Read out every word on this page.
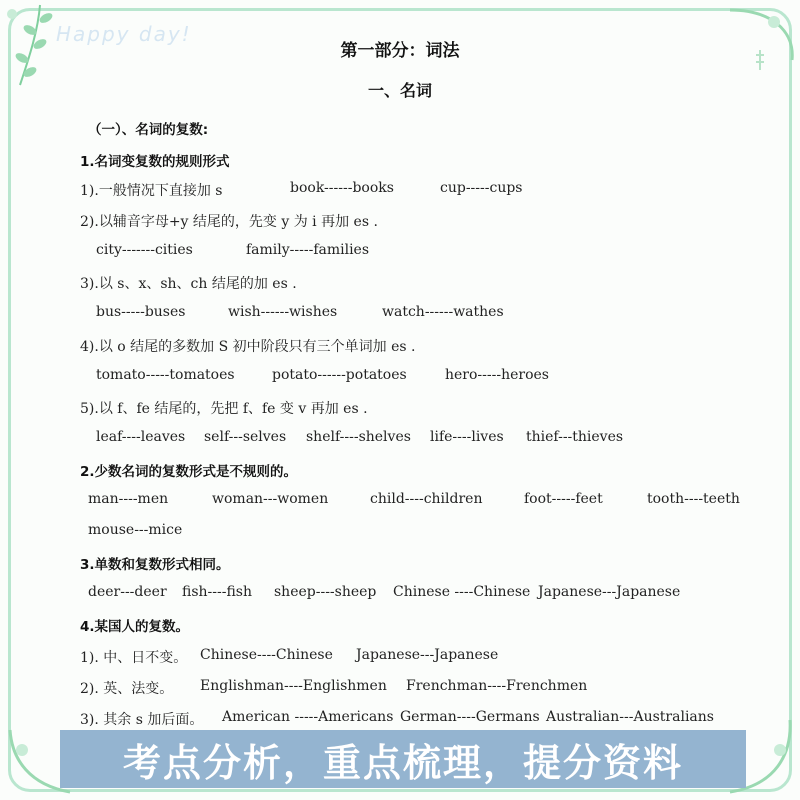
Happy day!
第一部分：词法
一、名词
（一）、名词的复数:
1.名词变复数的规则形式
1).一般情况下直接加 s	book------books	cup-----cups
2).以辅音字母+y 结尾的，先变 y 为 i 再加 es .
city-------cities	family-----families
3).以 s、x、sh、ch 结尾的加 es .
bus-----buses	wish------wishes	watch------wathes
4).以 o 结尾的多数加 S 初中阶段只有三个单词加 es .
tomato-----tomatoes	potato------potatoes	hero-----heroes
5).以 f、fe 结尾的，先把 f、fe 变 v 再加 es .
leaf----leaves self---selves shelf----shelves life----lives thief---thieves
2.少数名词的复数形式是不规则的。
man----men	woman---women	child----children	foot-----feet	tooth----teeth
mouse---mice
3.单数和复数形式相同。
deer---deer fish----fish sheep----sheep Chinese ----Chinese Japanese---Japanese
4.某国人的复数。
1). 中、日不变。 Chinese----Chinese Japanese---Japanese
2). 英、法变。 Englishman----Englishmen Frenchman----Frenchmen
3). 其余 s 加后面。 American -----Americans German----Germans Australian---Australians
考点分析，重点梳理，提分资料
